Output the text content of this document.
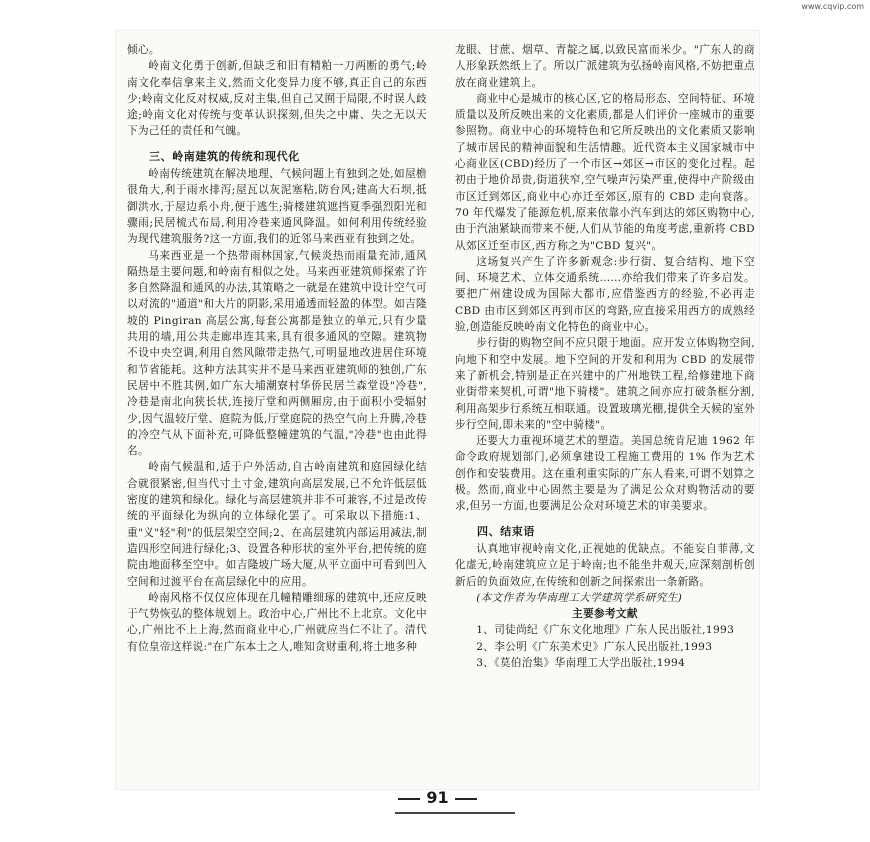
www.cqvip.com

倾心。

岭南文化勇于创新,但缺乏和旧有精粕一刀两断的勇气;岭南文化奉信拿来主义,然而文化变异力度不够,真正自己的东西少;岭南文化反对权威,反对主集,但自己又囿于局限,不时误人歧途;岭南文化对传统与变革认识探刻,但失之中庸、失之无以天下为己任的责任和气魄。

三、岭南建筑的传统和现代化

岭南传统建筑在解决地理、气候问题上有独到之处,如屋檐很角大,利于雨水排泻;屋瓦以灰泥塞粘,防台风;建高大石坝,抵御洪水,于屋边系小舟,便于逃生;骑楼建筑遮挡夏季强烈阳光和骤雨;民居梳式布局,利用冷巷来通风降温。如何利用传统经验为现代建筑服务?这一方面,我们的近邻马来西亚有独到之处。

马来西亚是一个热带雨林国家,气候炎热而雨量充沛,通风隔热是主要问题,和岭南有相似之处。马来西亚建筑师探索了许多自然降温和通风的办法,其策略之一就是在建筑中设计空气可以对流的"通道"和大片的阴影,采用通透而轻盈的体型。如吉隆坡的 Pingiran 高层公寓,每套公寓都是独立的单元,只有少量共用的墙,用公共走廊串连其来,具有很多通风的空隙。建筑物不设中央空调,利用自然风隙带走热气,可明显地改进居住环境和节省能耗。这种方法其实并不是马来西亚建筑师的独创,广东民居中不胜其例,如广东大埔潮寮村华侨民居兰森堂设"冷巷",冷巷是南北向狭长状,连接厅堂和两侧厢房,由于面积小受辐射少,因气温较厅堂、庭院为低,厅堂庭院的热空气向上升腾,冷巷的冷空气从下面补充,可降低整幢建筑的气温,"冷巷"也由此得名。

岭南气候温和,适于户外活动,自古岭南建筑和庭园绿化结合就很紧密,但当代寸土寸金,建筑向高层发展,已不允许低层低密度的建筑和绿化。绿化与高层建筑并非不可兼容,不过是改传统的平面绿化为纵向的立体绿化罢了。可采取以下措施:1、重"义"轻"利"的低层架空空间;2、在高层建筑内部运用减法,制造四形空间进行绿化;3、设置各种形状的室外平台,把传统的庭院由地面移至空中。如吉隆坡广场大厦,从平立面中可看到凹入空间和过渡平台在高层绿化中的应用。

岭南风格不仅仅应体现在几幢精雕细琢的建筑中,还应反映于气势恢弘的整体规划上。政治中心,广州比不上北京。文化中心,广州比不上上海,然而商业中心,广州就应当仁不让了。清代有位皇帝这样说:"在广东本土之人,唯知贪财重利,将土地多种

龙眼、甘蔗、烟草、青靛之属,以致民富而米少。"广东人的商人形象跃然纸上了。所以广派建筑为弘扬岭南风格,不妨把重点放在商业建筑上。

商业中心是城市的核心区,它的格局形态、空间特征、环境质量以及所反映出来的文化素质,都是人们评价一座城市的重要参照物。商业中心的环境特色和它所反映出的文化素质又影响了城市居民的精神面貌和生活情趣。近代资本主义国家城市中心商业区(CBD)经历了一个市区→郊区→市区的变化过程。起初由于地价昂贵,街道狭窄,空气噪声污染严重,使得中产阶级由市区迁到郊区,商业中心亦迁至郊区,原有的 CBD 走向衰落。70 年代爆发了能源危机,原来依靠小汽车到达的郊区购物中心,由于汽油紧缺而带来不便,人们从节能的角度考虑,重新将 CBD 从郊区迁至市区,西方称之为"CBD 复兴"。

这场复兴产生了许多新观念:步行街、复合结构、地下空间、环境艺术、立体交通系统……亦给我们带来了许多启发。要把广州建设成为国际大都市,应借鉴西方的经验,不必再走 CBD 由市区到郊区再到市区的弯路,应直接采用西方的成熟经验,创造能反映岭南文化特色的商业中心。

步行街的购物空间不应只限于地面。应开发立体购物空间,向地下和空中发展。地下空间的开发和利用为 CBD 的发展带来了新机会,特别是正在兴建中的广州地铁工程,给修建地下商业街带来契机,可谓"地下骑楼"。建筑之间亦应打破条框分割,利用高架步行系统互相联通。设置玻璃光棚,提供全天候的室外步行空间,即未来的"空中骑楼"。

还要大力重视环境艺术的塑造。美国总统肯尼迪 1962 年命令政府规划部门,必须拿建设工程施工费用的 1% 作为艺术创作和安装费用。这在重利重实际的广东人看来,可谓不划算之极。然而,商业中心固然主要是为了满足公众对购物活动的要求,但另一方面,也要满足公众对环境艺术的审美要求。

四、结束语

认真地审视岭南文化,正视她的优缺点。不能妄自菲薄,文化虚无,岭南建筑应立足于岭南;也不能坐井观天,应深刻剖析创新后的负面效应,在传统和创新之间探索出一条新路。

(本文作者为华南理工大学建筑学系研究生)

主要参考文献

1、司徒尚纪《广东文化地理》广东人民出版社,1993

2、李公明《广东美术史》广东人民出版社,1993

3、《莫伯治集》华南理工大学出版社,1994

91
